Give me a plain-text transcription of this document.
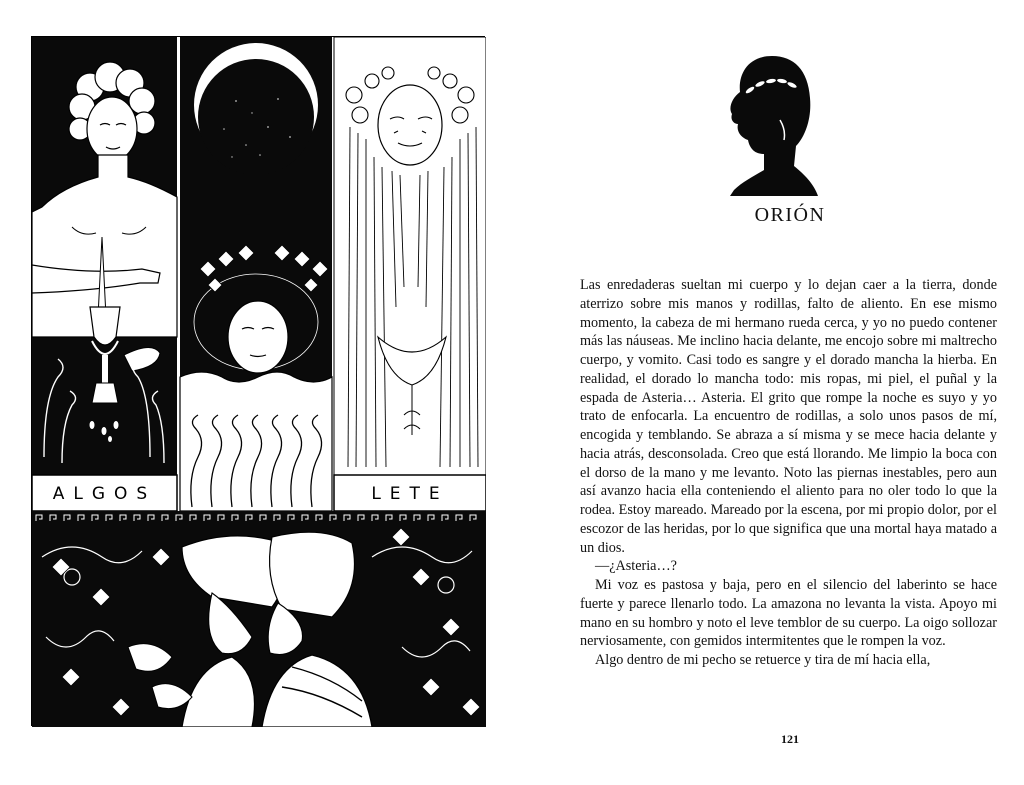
ALGOS	LETE
ORIÓN

Las enredaderas sueltan mi cuerpo y lo dejan caer a la tierra, donde aterrizo sobre mis manos y rodillas, falto de aliento. En ese mismo momento, la cabeza de mi hermano rueda cerca, y yo no puedo contener más las náuseas. Me inclino hacia delante, me encojo sobre mi maltrecho cuerpo, y vomito. Casi todo es sangre y el dorado mancha la hierba. En realidad, el dorado lo mancha todo: mis ropas, mi piel, el puñal y la espada de Asteria… Asteria. El grito que rompe la noche es suyo y yo trato de enfocarla. La encuentro de rodillas, a solo unos pasos de mí, encogida y temblando. Se abraza a sí misma y se mece hacia delante y hacia atrás, desconsolada. Creo que está llorando. Me limpio la boca con el dorso de la mano y me levanto. Noto las piernas inestables, pero aun así avanzo hacia ella conteniendo el aliento para no oler todo lo que la rodea. Estoy mareado. Mareado por la escena, por mi propio dolor, por el escozor de las heridas, por lo que significa que una mortal haya matado a un dios.

—¿Asteria…?

Mi voz es pastosa y baja, pero en el silencio del laberinto se hace fuerte y parece llenarlo todo. La amazona no levanta la vista. Apoyo mi mano en su hombro y noto el leve temblor de su cuerpo. La oigo sollozar nerviosamente, con gemidos intermitentes que le rompen la voz.

Algo dentro de mi pecho se retuerce y tira de mí hacia ella,

121
